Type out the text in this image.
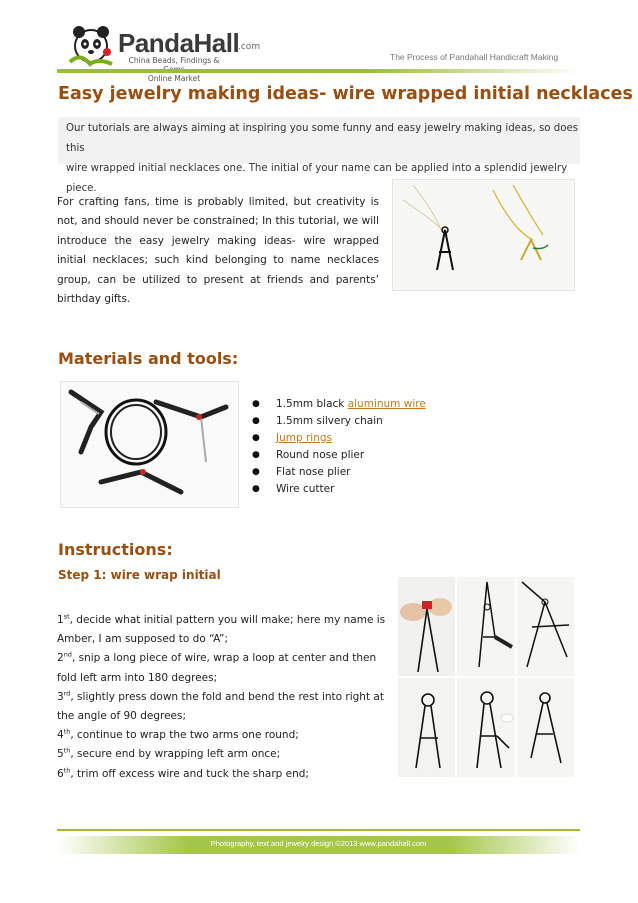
PandaHall
.com
China Beads, Findings &
Online Market
The Process of Pandahall Handicraft Making
Easy jewelry making ideas- wire wrapped initial necklaces

Our tutorials are always aiming at inspiring you some funny and easy jewelry making ideas, so does this

wire wrapped initial necklaces one. The initial of your name can be applied into a splendid jewelry piece.

For crafting fans, time is probably limited, but creativity is not, and should never be constrained; In this tutorial, we will introduce the easy jewelry making ideas- wire wrapped initial necklaces; such kind belonging to name necklaces group, can be utilized to present at friends and parents’ birthday gifts.
Materials and tools:
● 1.5mm black aluminum wire
● 1.5mm silvery chain
● Jump rings
● Round nose plier
● Flat nose plier
● Wire cutter
Instructions:
Step 1: wire wrap initial

1st, decide what initial pattern you will make; here my name is Amber, I am supposed to do “A”;

2nd, snip a long piece of wire, wrap a loop at center and then fold left arm into 180 degrees;

3rd, slightly press down the fold and bend the rest into right at the angle of 90 degrees;

4th, continue to wrap the two arms one round;

5th, secure end by wrapping left arm once;

6th, trim off excess wire and tuck the sharp end;

Photography, text and jewelry design ©2013 www.pandahall.com
